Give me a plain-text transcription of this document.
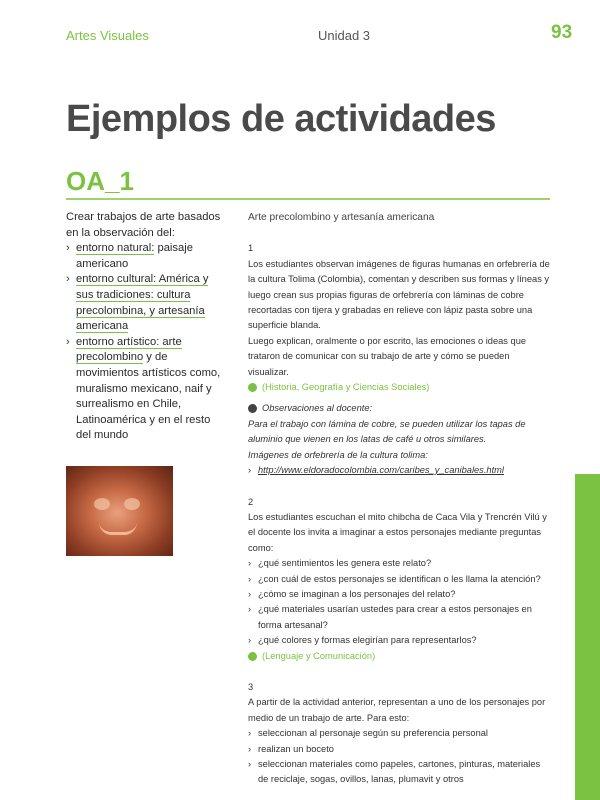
Artes Visuales	Unidad 3	93
Ejemplos de actividades
OA_1
Crear trabajos de arte basados en la observación del:
› entorno natural: paisaje americano
› entorno cultural: América y sus tradiciones: cultura precolombina, y artesanía americana
› entorno artístico: arte precolombino y de movimientos artísticos como, muralismo mexicano, naif y surrealismo en Chile, Latinoamérica y en el resto del mundo

Arte precolombino y artesanía americana

1

Los estudiantes observan imágenes de figuras humanas en orfebrería de la cultura Tolima (Colombia), comentan y describen sus formas y líneas y luego crean sus propias figuras de orfebrería con láminas de cobre recortadas con tijera y grabadas en relieve con lápiz pasta sobre una superficie blanda.

Luego explican, oralmente o por escrito, las emociones o ideas que trataron de comunicar con su trabajo de arte y cómo se pueden visualizar.

(Historia, Geografía y Ciencias Sociales)

Observaciones al docente:

Para el trabajo con lámina de cobre, se pueden utilizar los tapas de aluminio que vienen en los latas de café u otros similares.

Imágenes de orfebrería de la cultura tolima:

› http://www.eldoradocolombia.com/caribes_y_canibales.html

2

Los estudiantes escuchan el mito chibcha de Caca Vila y Trencrén Vilú y el docente los invita a imaginar a estos personajes mediante preguntas como:

› ¿qué sentimientos les genera este relato?
› ¿con cuál de estos personajes se identifican o les llama la atención?
› ¿cómo se imaginan a los personajes del relato?
› ¿qué materiales usarían ustedes para crear a estos personajes en forma artesanal?
› ¿qué colores y formas elegirían para representarlos?

(Lenguaje y Comunicación)

3

A partir de la actividad anterior, representan a uno de los personajes por medio de un trabajo de arte. Para esto:

› seleccionan al personaje según su preferencia personal
› realizan un boceto
› seleccionan materiales como papeles, cartones, pinturas, materiales de reciclaje, sogas, ovillos, lanas, plumavit y otros
